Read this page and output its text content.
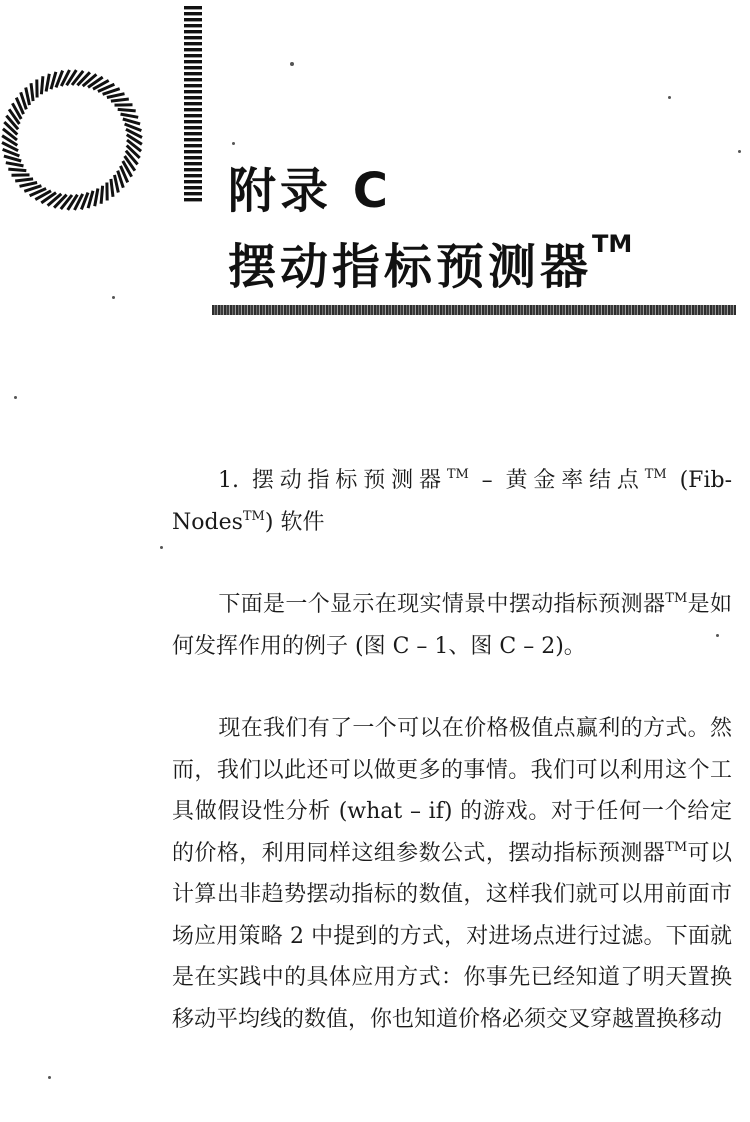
附录 C
摆动指标预测器™

1. 摆动指标预测器™ – 黄金率结点™ (Fib-Nodes™) 软件

下面是一个显示在现实情景中摆动指标预测器™是如何发挥作用的例子 (图 C – 1、图 C – 2)。

现在我们有了一个可以在价格极值点赢利的方式。然而，我们以此还可以做更多的事情。我们可以利用这个工具做假设性分析 (what – if) 的游戏。对于任何一个给定的价格，利用同样这组参数公式，摆动指标预测器™可以计算出非趋势摆动指标的数值，这样我们就可以用前面市场应用策略 2 中提到的方式，对进场点进行过滤。下面就是在实践中的具体应用方式：你事先已经知道了明天置换移动平均线的数值，你也知道价格必须交叉穿越置换移动
